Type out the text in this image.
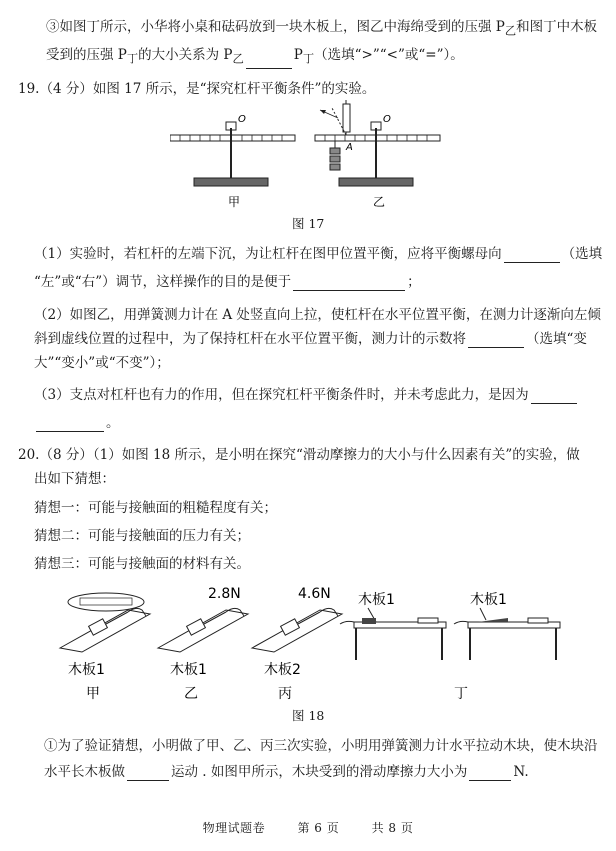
③如图丁所示，小华将小桌和砝码放到一块木板上，图乙中海绵受到的压强 $P_乙$和图丁中木板
受到的压强 $P_丁$的大小关系为 $P_乙$	$P_丁$（选填“>”“<”或“=”）。
19.（4 分）如图 17 所示，是“探究杠杆平衡条件”的实验。
O	O
A
甲	乙
图 17
（1）实验时，若杠杆的左端下沉，为让杠杆在图甲位置平衡，应将平衡螺母向	（选填
“左”或“右”）调节，这样操作的目的是便于	；
（2）如图乙，用弹簧测力计在 A 处竖直向上拉，使杠杆在水平位置平衡，在测力计逐渐向左倾
斜到虚线位置的过程中，为了保持杠杆在水平位置平衡，测力计的示数将	（选填“变
大”“变小”或“不变”）；
（3）支点对杠杆也有力的作用，但在探究杠杆平衡条件时，并未考虑此力，是因为
。
20.（8 分）（1）如图 18 所示，是小明在探究“滑动摩擦力的大小与什么因素有关”的实验，做
出如下猜想：
猜想一：可能与接触面的粗糙程度有关；
猜想二：可能与接触面的压力有关；
猜想三：可能与接触面的材料有关。
木板1
甲
2.8N
木板1
乙
4.6N
木板2
丙
木板1	木板1
丁
图 18
①为了验证猜想，小明做了甲、乙、丙三次实验，小明用弹簧测力计水平拉动木块，使木块沿
水平长木板做	运动 . 如图甲所示，木块受到的滑动摩擦力大小为	N.
物理试题卷	第 6 页	共 8 页
